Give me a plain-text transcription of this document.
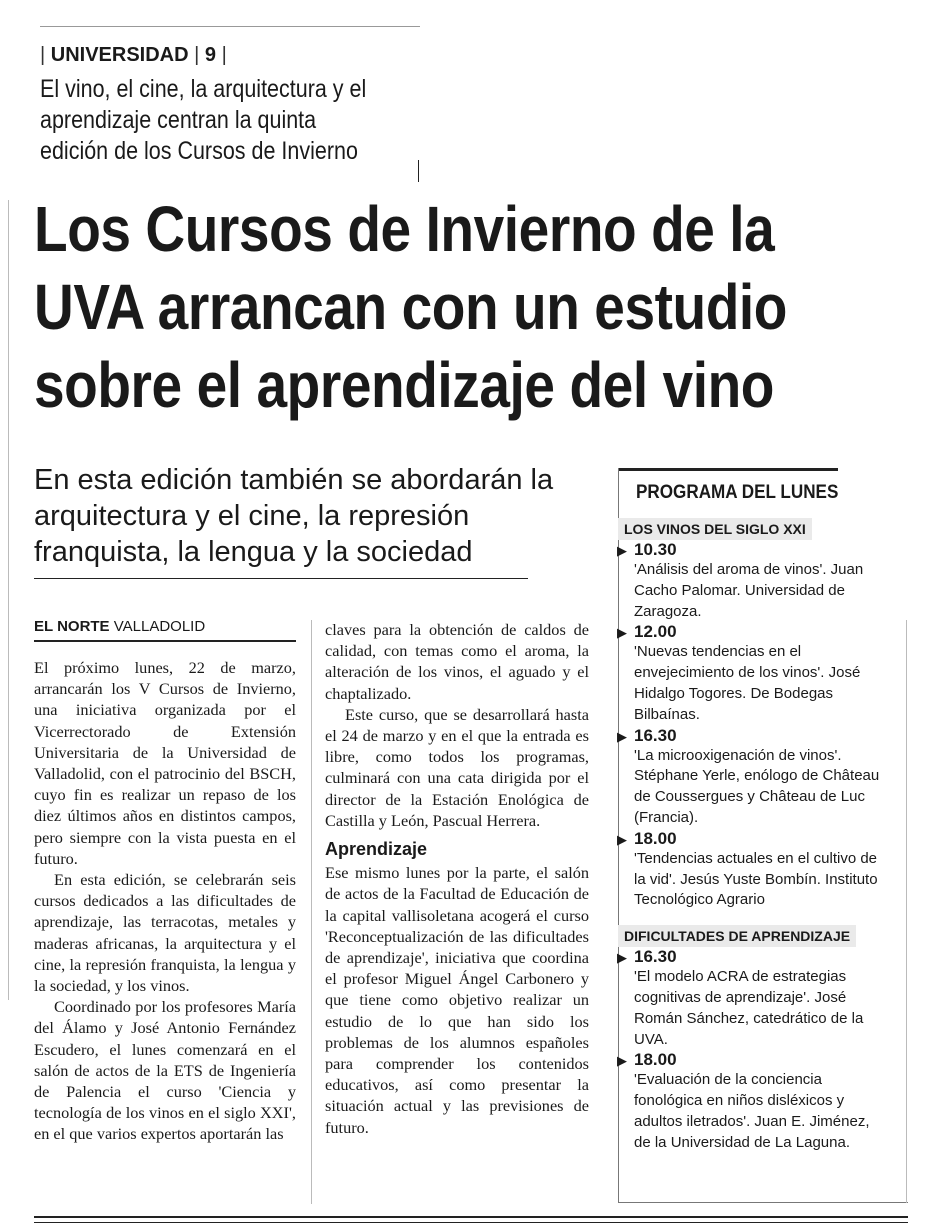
| UNIVERSIDAD | 9 |
El vino, el cine, la arquitectura y el aprendizaje centran la quinta edición de los Cursos de Invierno
Los Cursos de Invierno de la UVA arrancan con un estudio sobre el aprendizaje del vino
En esta edición también se abordarán la arquitectura y el cine, la represión franquista, la lengua y la sociedad
EL NORTE VALLADOLID

El próximo lunes, 22 de marzo, arrancarán los V Cursos de Invierno, una iniciativa organizada por el Vicerrectorado de Extensión Universitaria de la Universidad de Valladolid, con el patrocinio del BSCH, cuyo fin es realizar un repaso de los diez últimos años en distintos campos, pero siempre con la vista puesta en el futuro.

En esta edición, se celebrarán seis cursos dedicados a las dificultades de aprendizaje, las terracotas, metales y maderas africanas, la arquitectura y el cine, la represión franquista, la lengua y la sociedad, y los vinos.

Coordinado por los profesores María del Álamo y José Antonio Fernández Escudero, el lunes comenzará en el salón de actos de la ETS de Ingeniería de Palencia el curso 'Ciencia y tecnología de los vinos en el siglo XXI', en el que varios expertos aportarán las

claves para la obtención de caldos de calidad, con temas como el aroma, la alteración de los vinos, el aguado y el chaptalizado.

Este curso, que se desarrollará hasta el 24 de marzo y en el que la entrada es libre, como todos los programas, culminará con una cata dirigida por el director de la Estación Enológica de Castilla y León, Pascual Herrera.

Aprendizaje

Ese mismo lunes por la parte, el salón de actos de la Facultad de Educación de la capital vallisoletana acogerá el curso 'Reconceptualización de las dificultades de aprendizaje', iniciativa que coordina el profesor Miguel Ángel Carbonero y que tiene como objetivo realizar un estudio de lo que han sido los problemas de los alumnos españoles para comprender los contenidos educativos, así como presentar la situación actual y las previsiones de futuro.

PROGRAMA DEL LUNES
LOS VINOS DEL SIGLO XXI
▶ 10.30
'Análisis del aroma de vinos'. Juan Cacho Palomar. Universidad de Zaragoza.
▶ 12.00
'Nuevas tendencias en el envejecimiento de los vinos'. José Hidalgo Togores. De Bodegas Bilbaínas.
▶ 16.30
'La microoxigenación de vinos'. Stéphane Yerle, enólogo de Château de Coussergues y Château de Luc (Francia).
▶ 18.00
'Tendencias actuales en el cultivo de la vid'. Jesús Yuste Bombín. Instituto Tecnológico Agrario
DIFICULTADES DE APRENDIZAJE
▶ 16.30
'El modelo ACRA de estrategias cognitivas de aprendizaje'. José Román Sánchez, catedrático de la UVA.
▶ 18.00
'Evaluación de la conciencia fonológica en niños disléxicos y adultos iletrados'. Juan E. Jiménez, de la Universidad de La Laguna.
